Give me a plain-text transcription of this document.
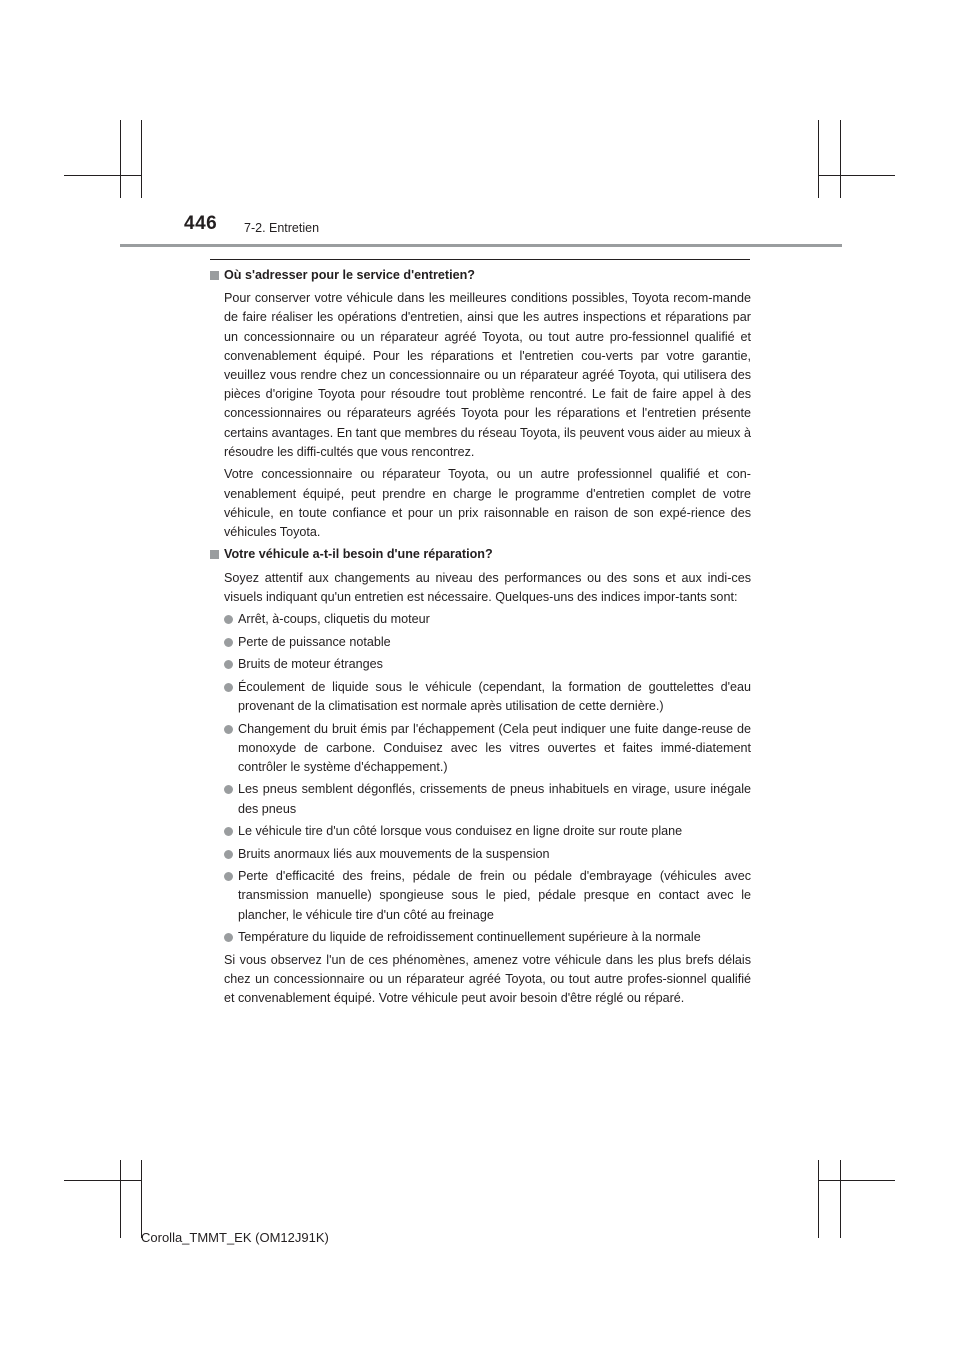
446 7-2. Entretien
Où s'adresser pour le service d'entretien?

Pour conserver votre véhicule dans les meilleures conditions possibles, Toyota recom-mande de faire réaliser les opérations d'entretien, ainsi que les autres inspections et réparations par un concessionnaire ou un réparateur agréé Toyota, ou tout autre pro-fessionnel qualifié et convenablement équipé. Pour les réparations et l'entretien cou-verts par votre garantie, veuillez vous rendre chez un concessionnaire ou un réparateur agréé Toyota, qui utilisera des pièces d'origine Toyota pour résoudre tout problème rencontré. Le fait de faire appel à des concessionnaires ou réparateurs agréés Toyota pour les réparations et l'entretien présente certains avantages. En tant que membres du réseau Toyota, ils peuvent vous aider au mieux à résoudre les diffi-cultés que vous rencontrez.

Votre concessionnaire ou réparateur Toyota, ou un autre professionnel qualifié et con-venablement équipé, peut prendre en charge le programme d'entretien complet de votre véhicule, en toute confiance et pour un prix raisonnable en raison de son expé-rience des véhicules Toyota.

Votre véhicule a-t-il besoin d'une réparation?

Soyez attentif aux changements au niveau des performances ou des sons et aux indi-ces visuels indiquant qu'un entretien est nécessaire. Quelques-uns des indices impor-tants sont:

Arrêt, à-coups, cliquetis du moteur
Perte de puissance notable
Bruits de moteur étranges
Écoulement de liquide sous le véhicule (cependant, la formation de gouttelettes d'eau provenant de la climatisation est normale après utilisation de cette dernière.)
Changement du bruit émis par l'échappement (Cela peut indiquer une fuite dange-reuse de monoxyde de carbone. Conduisez avec les vitres ouvertes et faites immé-diatement contrôler le système d'échappement.)
Les pneus semblent dégonflés, crissements de pneus inhabituels en virage, usure inégale des pneus
Le véhicule tire d'un côté lorsque vous conduisez en ligne droite sur route plane
Bruits anormaux liés aux mouvements de la suspension
Perte d'efficacité des freins, pédale de frein ou pédale d'embrayage (véhicules avec transmission manuelle) spongieuse sous le pied, pédale presque en contact avec le plancher, le véhicule tire d'un côté au freinage
Température du liquide de refroidissement continuellement supérieure à la normale

Si vous observez l'un de ces phénomènes, amenez votre véhicule dans les plus brefs délais chez un concessionnaire ou un réparateur agréé Toyota, ou tout autre profes-sionnel qualifié et convenablement équipé. Votre véhicule peut avoir besoin d'être réglé ou réparé.

Corolla_TMMT_EK (OM12J91K)
